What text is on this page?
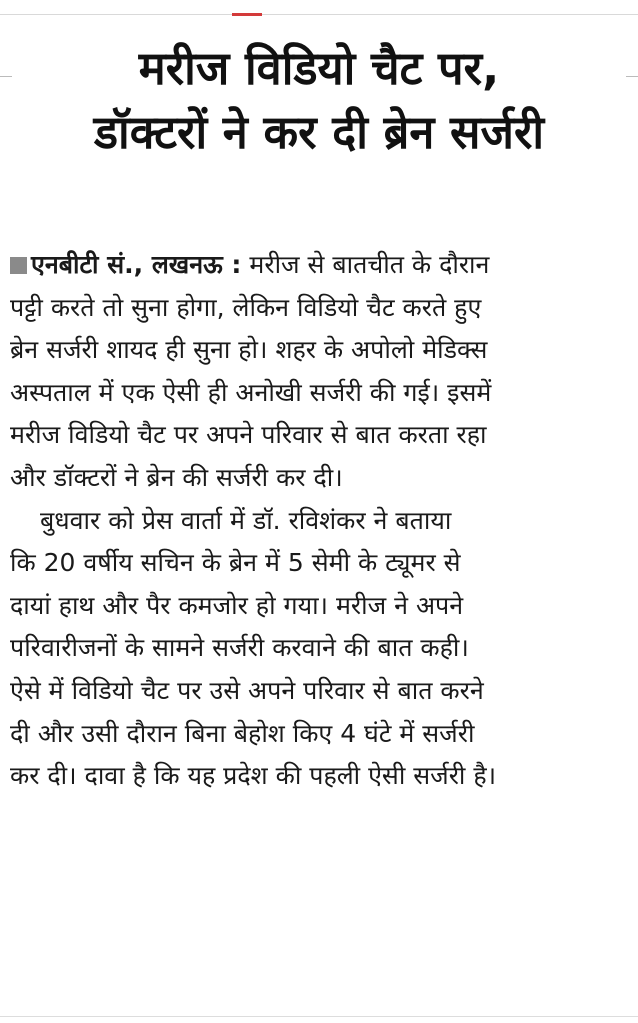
मरीज विडियो चैट पर,
डॉक्टरों ने कर दी ब्रेन सर्जरी
एनबीटी सं., लखनऊ : मरीज से बातचीत के दौरान
पट्टी करते तो सुना होगा, लेकिन विडियो चैट करते हुए
ब्रेन सर्जरी शायद ही सुना हो। शहर के अपोलो मेडिक्स
अस्पताल में एक ऐसी ही अनोखी सर्जरी की गई। इसमें
मरीज विडियो चैट पर अपने परिवार से बात करता रहा
और डॉक्टरों ने ब्रेन की सर्जरी कर दी।
बुधवार को प्रेस वार्ता में डॉ. रविशंकर ने बताया
कि 20 वर्षीय सचिन के ब्रेन में 5 सेमी के ट्यूमर से
दायां हाथ और पैर कमजोर हो गया। मरीज ने अपने
परिवारीजनों के सामने सर्जरी करवाने की बात कही।
ऐसे में विडियो चैट पर उसे अपने परिवार से बात करने
दी और उसी दौरान बिना बेहोश किए 4 घंटे में सर्जरी
कर दी। दावा है कि यह प्रदेश की पहली ऐसी सर्जरी है।
